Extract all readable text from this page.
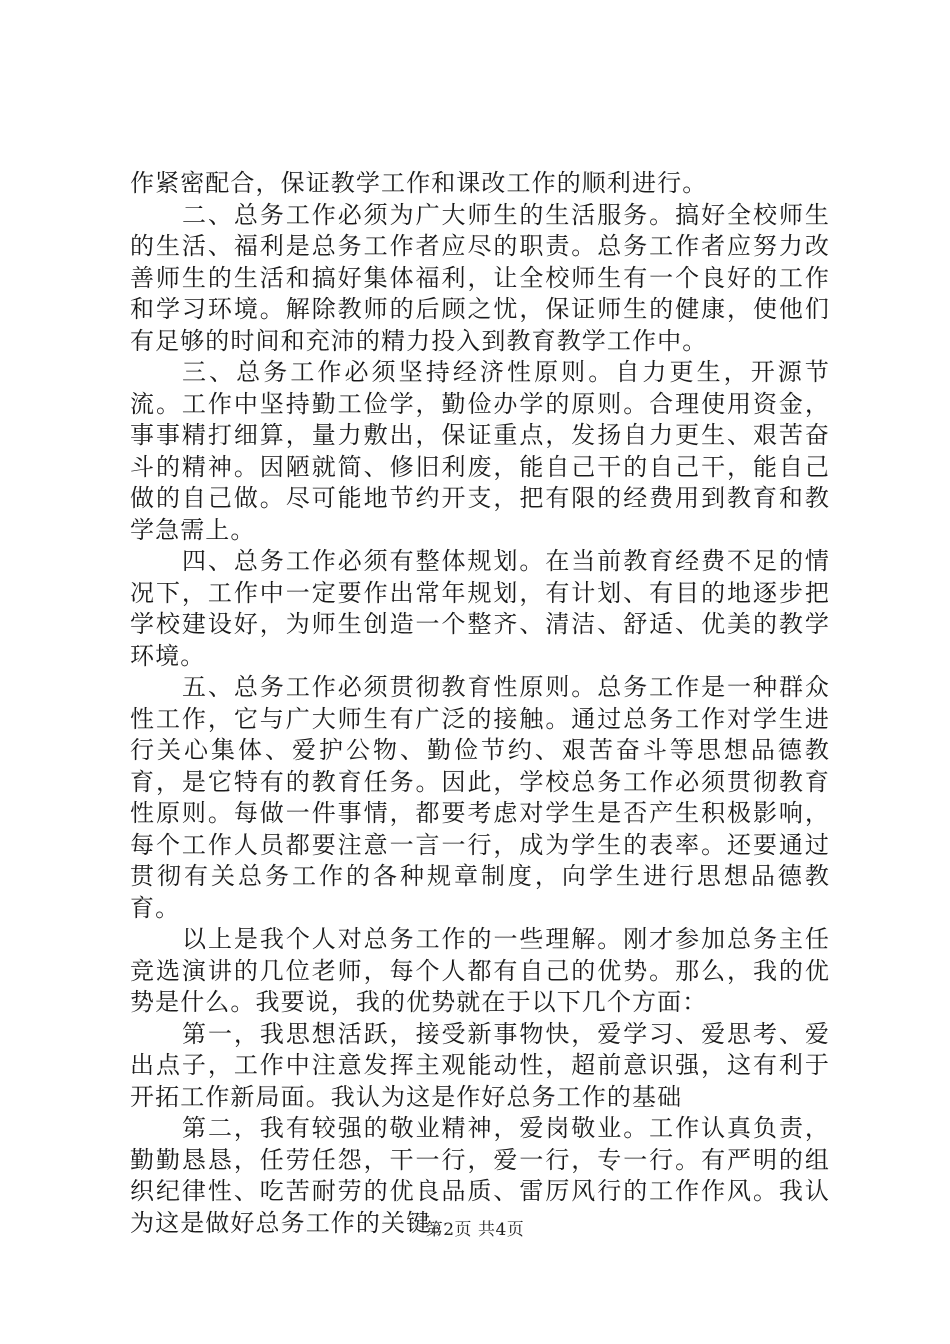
作紧密配合，保证教学工作和课改工作的顺利进行。

二、总务工作必须为广大师生的生活服务。搞好全校师生的生活、福利是总务工作者应尽的职责。总务工作者应努力改善师生的生活和搞好集体福利，让全校师生有一个良好的工作和学习环境。解除教师的后顾之忧，保证师生的健康，使他们有足够的时间和充沛的精力投入到教育教学工作中。

三、总务工作必须坚持经济性原则。自力更生，开源节流。工作中坚持勤工俭学，勤俭办学的原则。合理使用资金，事事精打细算，量力敷出，保证重点，发扬自力更生、艰苦奋斗的精神。因陋就简、修旧利废，能自己干的自己干，能自己做的自己做。尽可能地节约开支，把有限的经费用到教育和教学急需上。

四、总务工作必须有整体规划。在当前教育经费不足的情况下，工作中一定要作出常年规划，有计划、有目的地逐步把学校建设好，为师生创造一个整齐、清洁、舒适、优美的教学环境。

五、总务工作必须贯彻教育性原则。总务工作是一种群众性工作，它与广大师生有广泛的接触。通过总务工作对学生进行关心集体、爱护公物、勤俭节约、艰苦奋斗等思想品德教育，是它特有的教育任务。因此，学校总务工作必须贯彻教育性原则。每做一件事情，都要考虑对学生是否产生积极影响，每个工作人员都要注意一言一行，成为学生的表率。还要通过贯彻有关总务工作的各种规章制度，向学生进行思想品德教育。

以上是我个人对总务工作的一些理解。刚才参加总务主任竞选演讲的几位老师，每个人都有自己的优势。那么，我的优势是什么。我要说，我的优势就在于以下几个方面：

第一，我思想活跃，接受新事物快，爱学习、爱思考、爱出点子，工作中注意发挥主观能动性，超前意识强，这有利于开拓工作新局面。我认为这是作好总务工作的基础

第二，我有较强的敬业精神，爱岗敬业。工作认真负责，勤勤恳恳，任劳任怨，干一行，爱一行，专一行。有严明的组织纪律性、吃苦耐劳的优良品质、雷厉风行的工作作风。我认为这是做好总务工作的关键。

第2页 共4页
